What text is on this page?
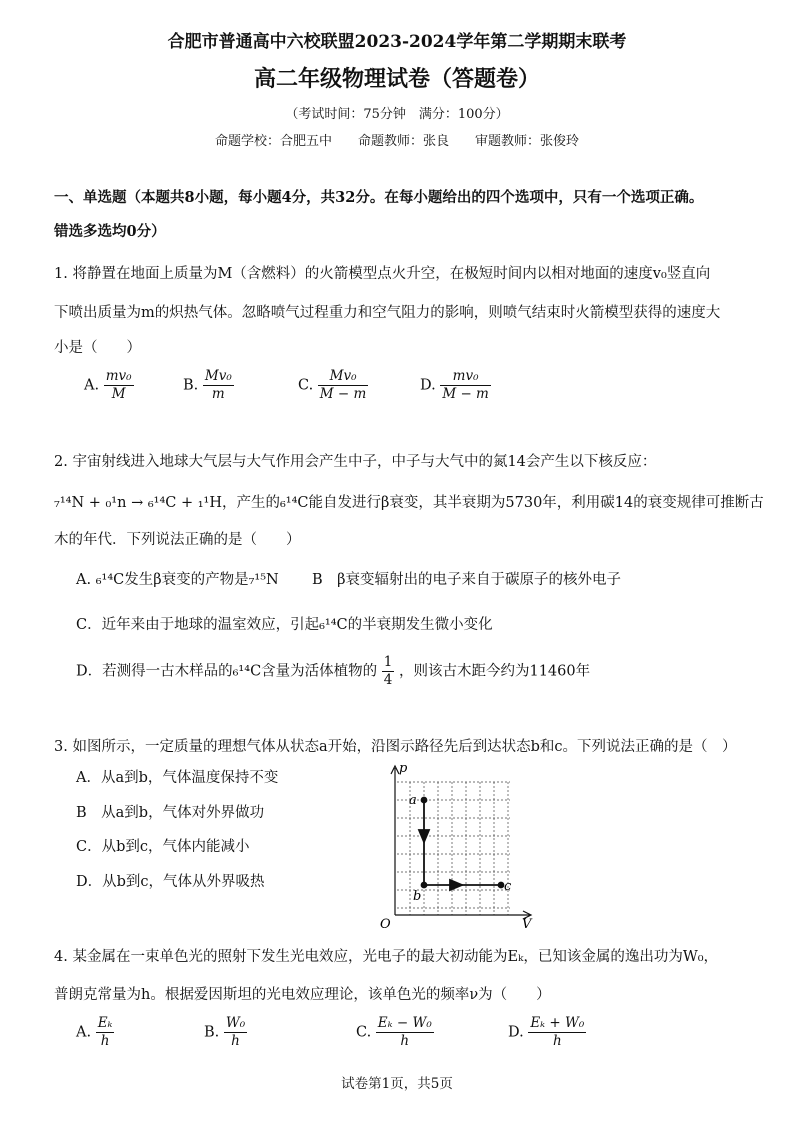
合肥市普通高中六校联盟2023-2024学年第二学期期末联考
高二年级物理试卷（答题卷）
（考试时间：75分钟　满分：100分）
命题学校：合肥五中　　命题教师：张良　　审题教师：张俊玲
一、单选题（本题共8小题，每小题4分，共32分。在每小题给出的四个选项中，只有一个选项正确。
错选多选均0分）
1. 将静置在地面上质量为M（含燃料）的火箭模型点火升空，在极短时间内以相对地面的速度v₀竖直向
下喷出质量为m的炽热气体。忽略喷气过程重力和空气阻力的影响，则喷气结束时火箭模型获得的速度大
小是（　　）
A. $\frac{\text{mv₀}}{M}$	B. $\frac{\text{Mv₀}}{m}$	C. $\frac{\text{Mv₀}}{M - m}$	D. $\frac{\text{mv₀}}{M - m}$
2. 宇宙射线进入地球大气层与大气作用会产生中子，中子与大气中的氮14会产生以下核反应：
₇¹⁴N + ₀¹n → ₆¹⁴C + ₁¹H，产生的₆¹⁴C能自发进行β衰变，其半衰期为5730年，利用碳14的衰变规律可推断古
木的年代．下列说法正确的是（　　）
A. ₆¹⁴C发生β衰变的产物是₇¹⁵N B　β衰变辐射出的电子来自于碳原子的核外电子
C．近年来由于地球的温室效应，引起₆¹⁴C的半衰期发生微小变化
D．若测得一古木样品的₆¹⁴C含量为活体植物的 $\frac{1}{4}$ ，则该古木距今约为11460年
3. 如图所示，一定质量的理想气体从状态a开始，沿图示路径先后到达状态b和c。下列说法正确的是（　）
A．从a到b，气体温度保持不变
B　从a到b，气体对外界做功
C．从b到c，气体内能减小
D．从b到c，气体从外界吸热
p
V
O
a
b
c
4. 某金属在一束单色光的照射下发生光电效应，光电子的最大初动能为Eₖ，已知该金属的逸出功为W₀，
普朗克常量为h。根据爱因斯坦的光电效应理论，该单色光的频率ν为（　　）
A. $\frac{\text{Eₖ}}{h}$	B. $\frac{\text{W₀}}{h}$	C. $\frac{\text{Eₖ − W₀}}{h}$	D. $\frac{\text{Eₖ + W₀}}{h}$
试卷第1页，共5页
